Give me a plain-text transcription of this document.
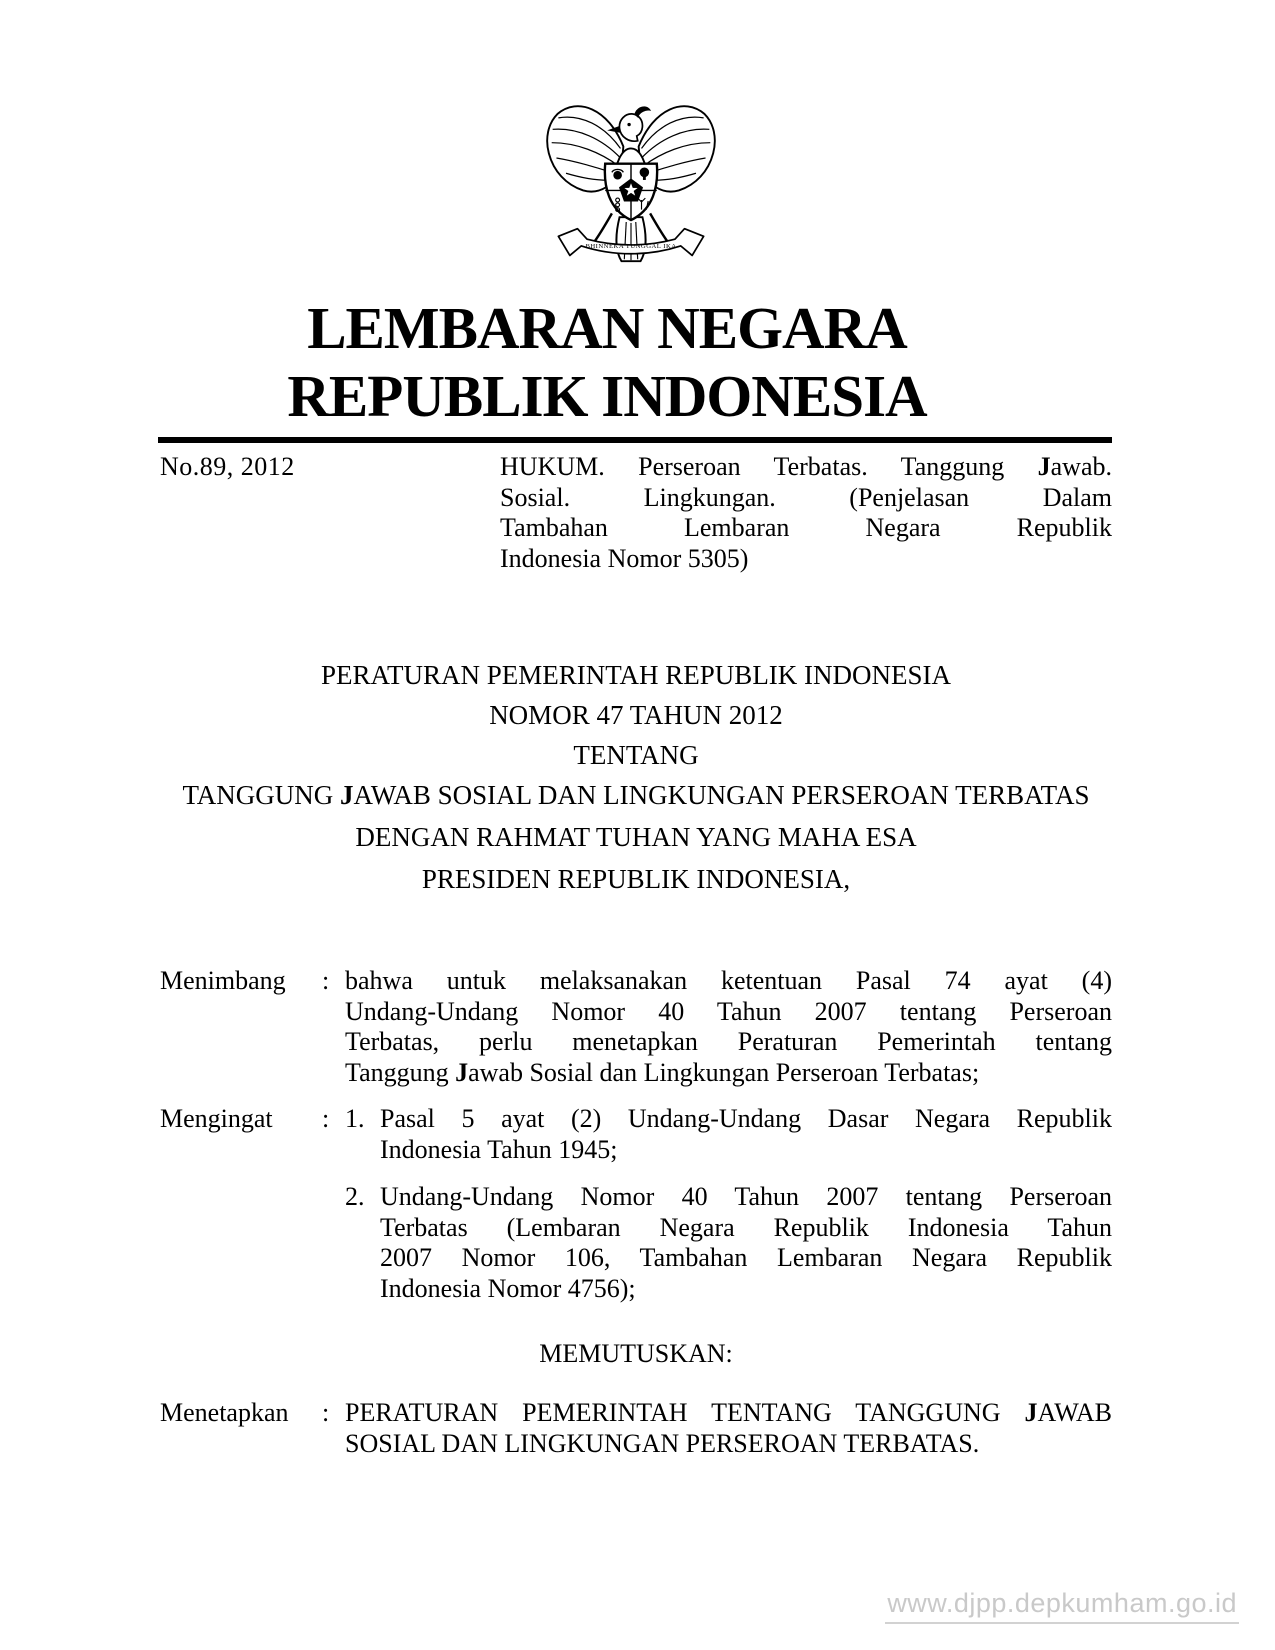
BHINNEKA TUNGGAL IKA
LEMBARAN NEGARA
REPUBLIK INDONESIA
No.89, 2012	HUKUM. Perseroan Terbatas. Tanggung Jawab.
Sosial. Lingkungan. (Penjelasan Dalam
Tambahan Lembaran Negara Republik
Indonesia Nomor 5305)
PERATURAN PEMERINTAH REPUBLIK INDONESIA
NOMOR 47 TAHUN 2012
TENTANG
TANGGUNG JAWAB SOSIAL DAN LINGKUNGAN PERSEROAN TERBATAS
DENGAN RAHMAT TUHAN YANG MAHA ESA
PRESIDEN REPUBLIK INDONESIA,
Menimbang	: bahwa untuk melaksanakan ketentuan Pasal 74 ayat (4)
Undang-Undang Nomor 40 Tahun 2007 tentang Perseroan
Terbatas, perlu menetapkan Peraturan Pemerintah tentang
Tanggung Jawab Sosial dan Lingkungan Perseroan Terbatas;
Mengingat	: 1. Pasal 5 ayat (2) Undang-Undang Dasar Negara Republik
Indonesia Tahun 1945;
2. Undang-Undang Nomor 40 Tahun 2007 tentang Perseroan
Terbatas (Lembaran Negara Republik Indonesia Tahun
2007 Nomor 106, Tambahan Lembaran Negara Republik
Indonesia Nomor 4756);
MEMUTUSKAN:
Menetapkan	: PERATURAN PEMERINTAH TENTANG TANGGUNG JAWAB
SOSIAL DAN LINGKUNGAN PERSEROAN TERBATAS.
www.djpp.depkumham.go.id
